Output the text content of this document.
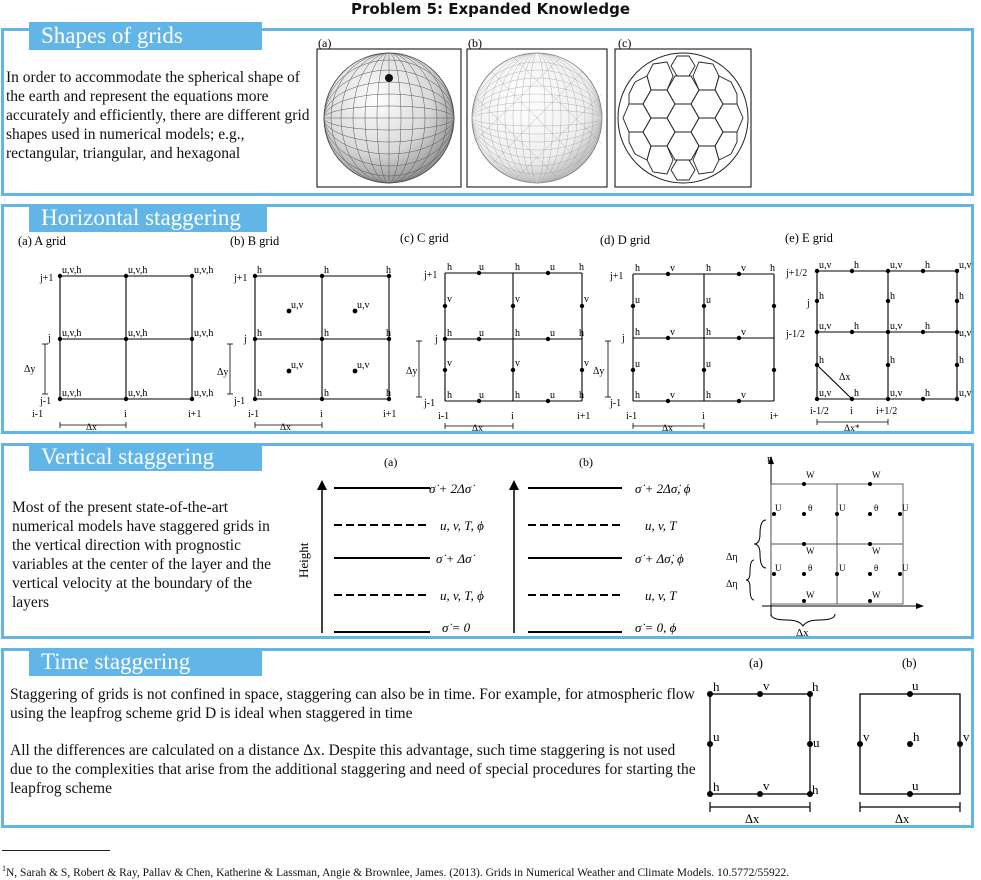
Problem 5: Expanded Knowledge
Shapes of grids
In order to accommodate the spherical shape of the earth and represent the equations more accurately and efficiently, there are different grid shapes used in numerical models; e.g., rectangular, triangular, and hexagonal
(a)	(b)	(c)
Horizontal staggering
(a) A grid
u,v,h	u,v,h	u,v,h
u,v,h	u,v,h	u,v,h
u,v,h	u,v,h	u,v,h
j+1
j
j-1
i-1	i	i+1
Δy
Δx
(b) B grid
h	h	h
h	h	h
h	h	h
u,v	u,v
u,v	u,v
j+1
j
j-1
i-1	i	i+1
Δy
Δx
(c) C grid
h	u	h	u h
h	u	h	u h
h	u	h	u h
v	v	v
v	v	v
j+1
j
j-1
i-1	i	i+1
Δy
Δx
(d) D grid
h	v	h	v h
h	v	h	v
h	v	h	v
u	u
u	u
j+1
j
j-1
i-1	i	i+
Δy
Δx
(e) E grid
u,v h	u,v h	u,v
u,v h	u,v h
u,v
u,v h	u,v h	u,v
h	h	h
h	h	h
Δx
j+1/2
j
j-1/2
i-1/2 i i+1/2
Δx*
Vertical staggering
Most of the present state-of-the-art numerical models have staggered grids in the vertical direction with prognostic variables at the center of the layer and the vertical velocity at the boundary of the layers
(a)
Height
σ̇ + 2Δσ̇
u, v, T, ϕ
σ̇ + Δσ̇
u, v, T, ϕ
σ̇ = 0
(b)
σ̇ + 2Δσ̇, ϕ
u, v, T
σ̇ + Δσ̇, ϕ
u, v, T
σ̇ = 0, ϕ
η
W	W
W	W
W	W
U	U	U
U	U	U
θ	θ
θ	θ
Δη
Δη
Δx
Time staggering
Staggering of grids is not confined in space, staggering can also be in time. For example, for atmospheric flow using the leapfrog scheme grid D is ideal when staggered in time
All the differences are calculated on a distance Δx. Despite this advantage, such time staggering is not used due to the complexities that arise from the additional staggering and need of special procedures for starting the leapfrog scheme
(a)
h	v	h
u	u
h	v	h
Δx
(b)
u
v	h	v
u
Δx
$^1$N, Sarah & S, Robert & Ray, Pallav & Chen, Katherine & Lassman, Angie & Brownlee, James. (2013). Grids in Numerical Weather and Climate Models. 10.5772/55922.
